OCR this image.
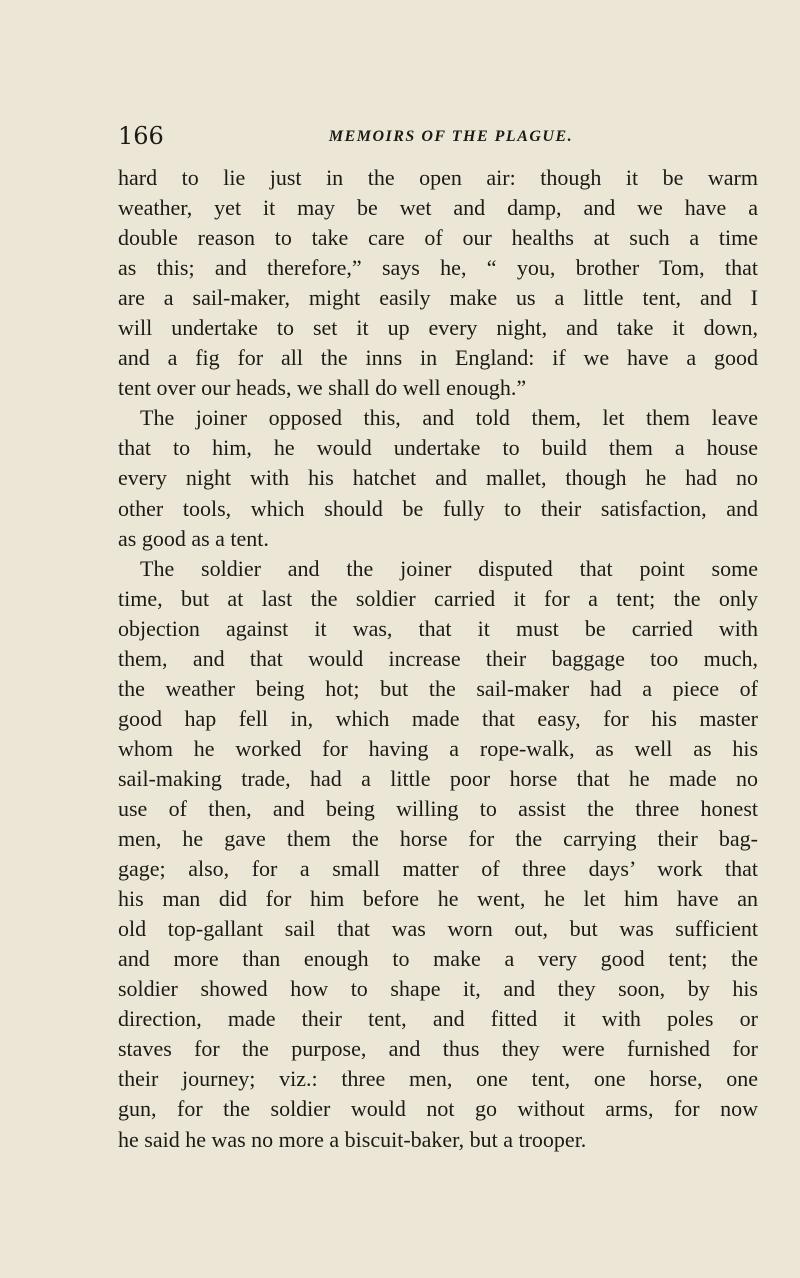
166	MEMOIRS OF THE PLAGUE.
hard to lie just in the open air: though it be warm
weather, yet it may be wet and damp, and we have a
double reason to take care of our healths at such a time
as this; and therefore,” says he, “ you, brother Tom, that
are a sail-maker, might easily make us a little tent, and I
will undertake to set it up every night, and take it down,
and a fig for all the inns in England: if we have a good
tent over our heads, we shall do well enough.”
The joiner opposed this, and told them, let them leave
that to him, he would undertake to build them a house
every night with his hatchet and mallet, though he had no
other tools, which should be fully to their satisfaction, and
as good as a tent.
The soldier and the joiner disputed that point some
time, but at last the soldier carried it for a tent; the only
objection against it was, that it must be carried with
them, and that would increase their baggage too much,
the weather being hot; but the sail-maker had a piece of
good hap fell in, which made that easy, for his master
whom he worked for having a rope-walk, as well as his
sail-making trade, had a little poor horse that he made no
use of then, and being willing to assist the three honest
men, he gave them the horse for the carrying their bag-
gage; also, for a small matter of three days’ work that
his man did for him before he went, he let him have an
old top-gallant sail that was worn out, but was sufficient
and more than enough to make a very good tent; the
soldier showed how to shape it, and they soon, by his
direction, made their tent, and fitted it with poles or
staves for the purpose, and thus they were furnished for
their journey; viz.: three men, one tent, one horse, one
gun, for the soldier would not go without arms, for now
he said he was no more a biscuit-baker, but a trooper.
